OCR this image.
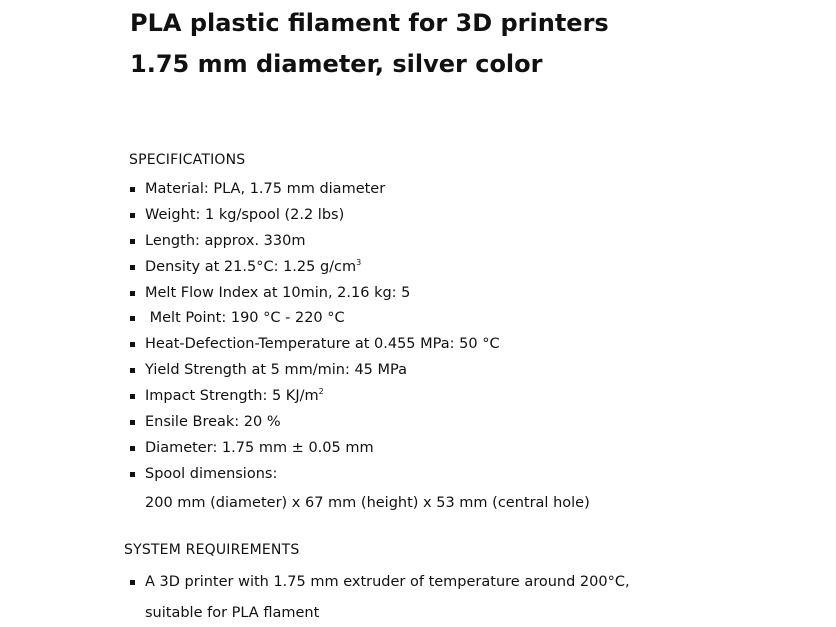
PLA plastic filament for 3D printers
1.75 mm diameter, silver color
SPECIFICATIONS
Material: PLA, 1.75 mm diameter
Weight: 1 kg/spool (2.2 lbs)
Length: approx. 330m
Density at 21.5°C: 1.25 $g/cm^3$
Melt Flow Index at 10min, 2.16 kg: 5
Melt Point: 190 °C - 220 °C
Heat-Defection-Temperature at 0.455 MPa: 50 °C
Yield Strength at 5 mm/min: 45 MPa
Impact Strength: 5 $KJ/m^2$
Ensile Break: 20 %
Diameter: 1.75 mm ± 0.05 mm
Spool dimensions:
200 mm (diameter) x 67 mm (height) x 53 mm (central hole)
SYSTEM REQUIREMENTS
A 3D printer with 1.75 mm extruder of temperature around 200°C,
suitable for PLA flament
